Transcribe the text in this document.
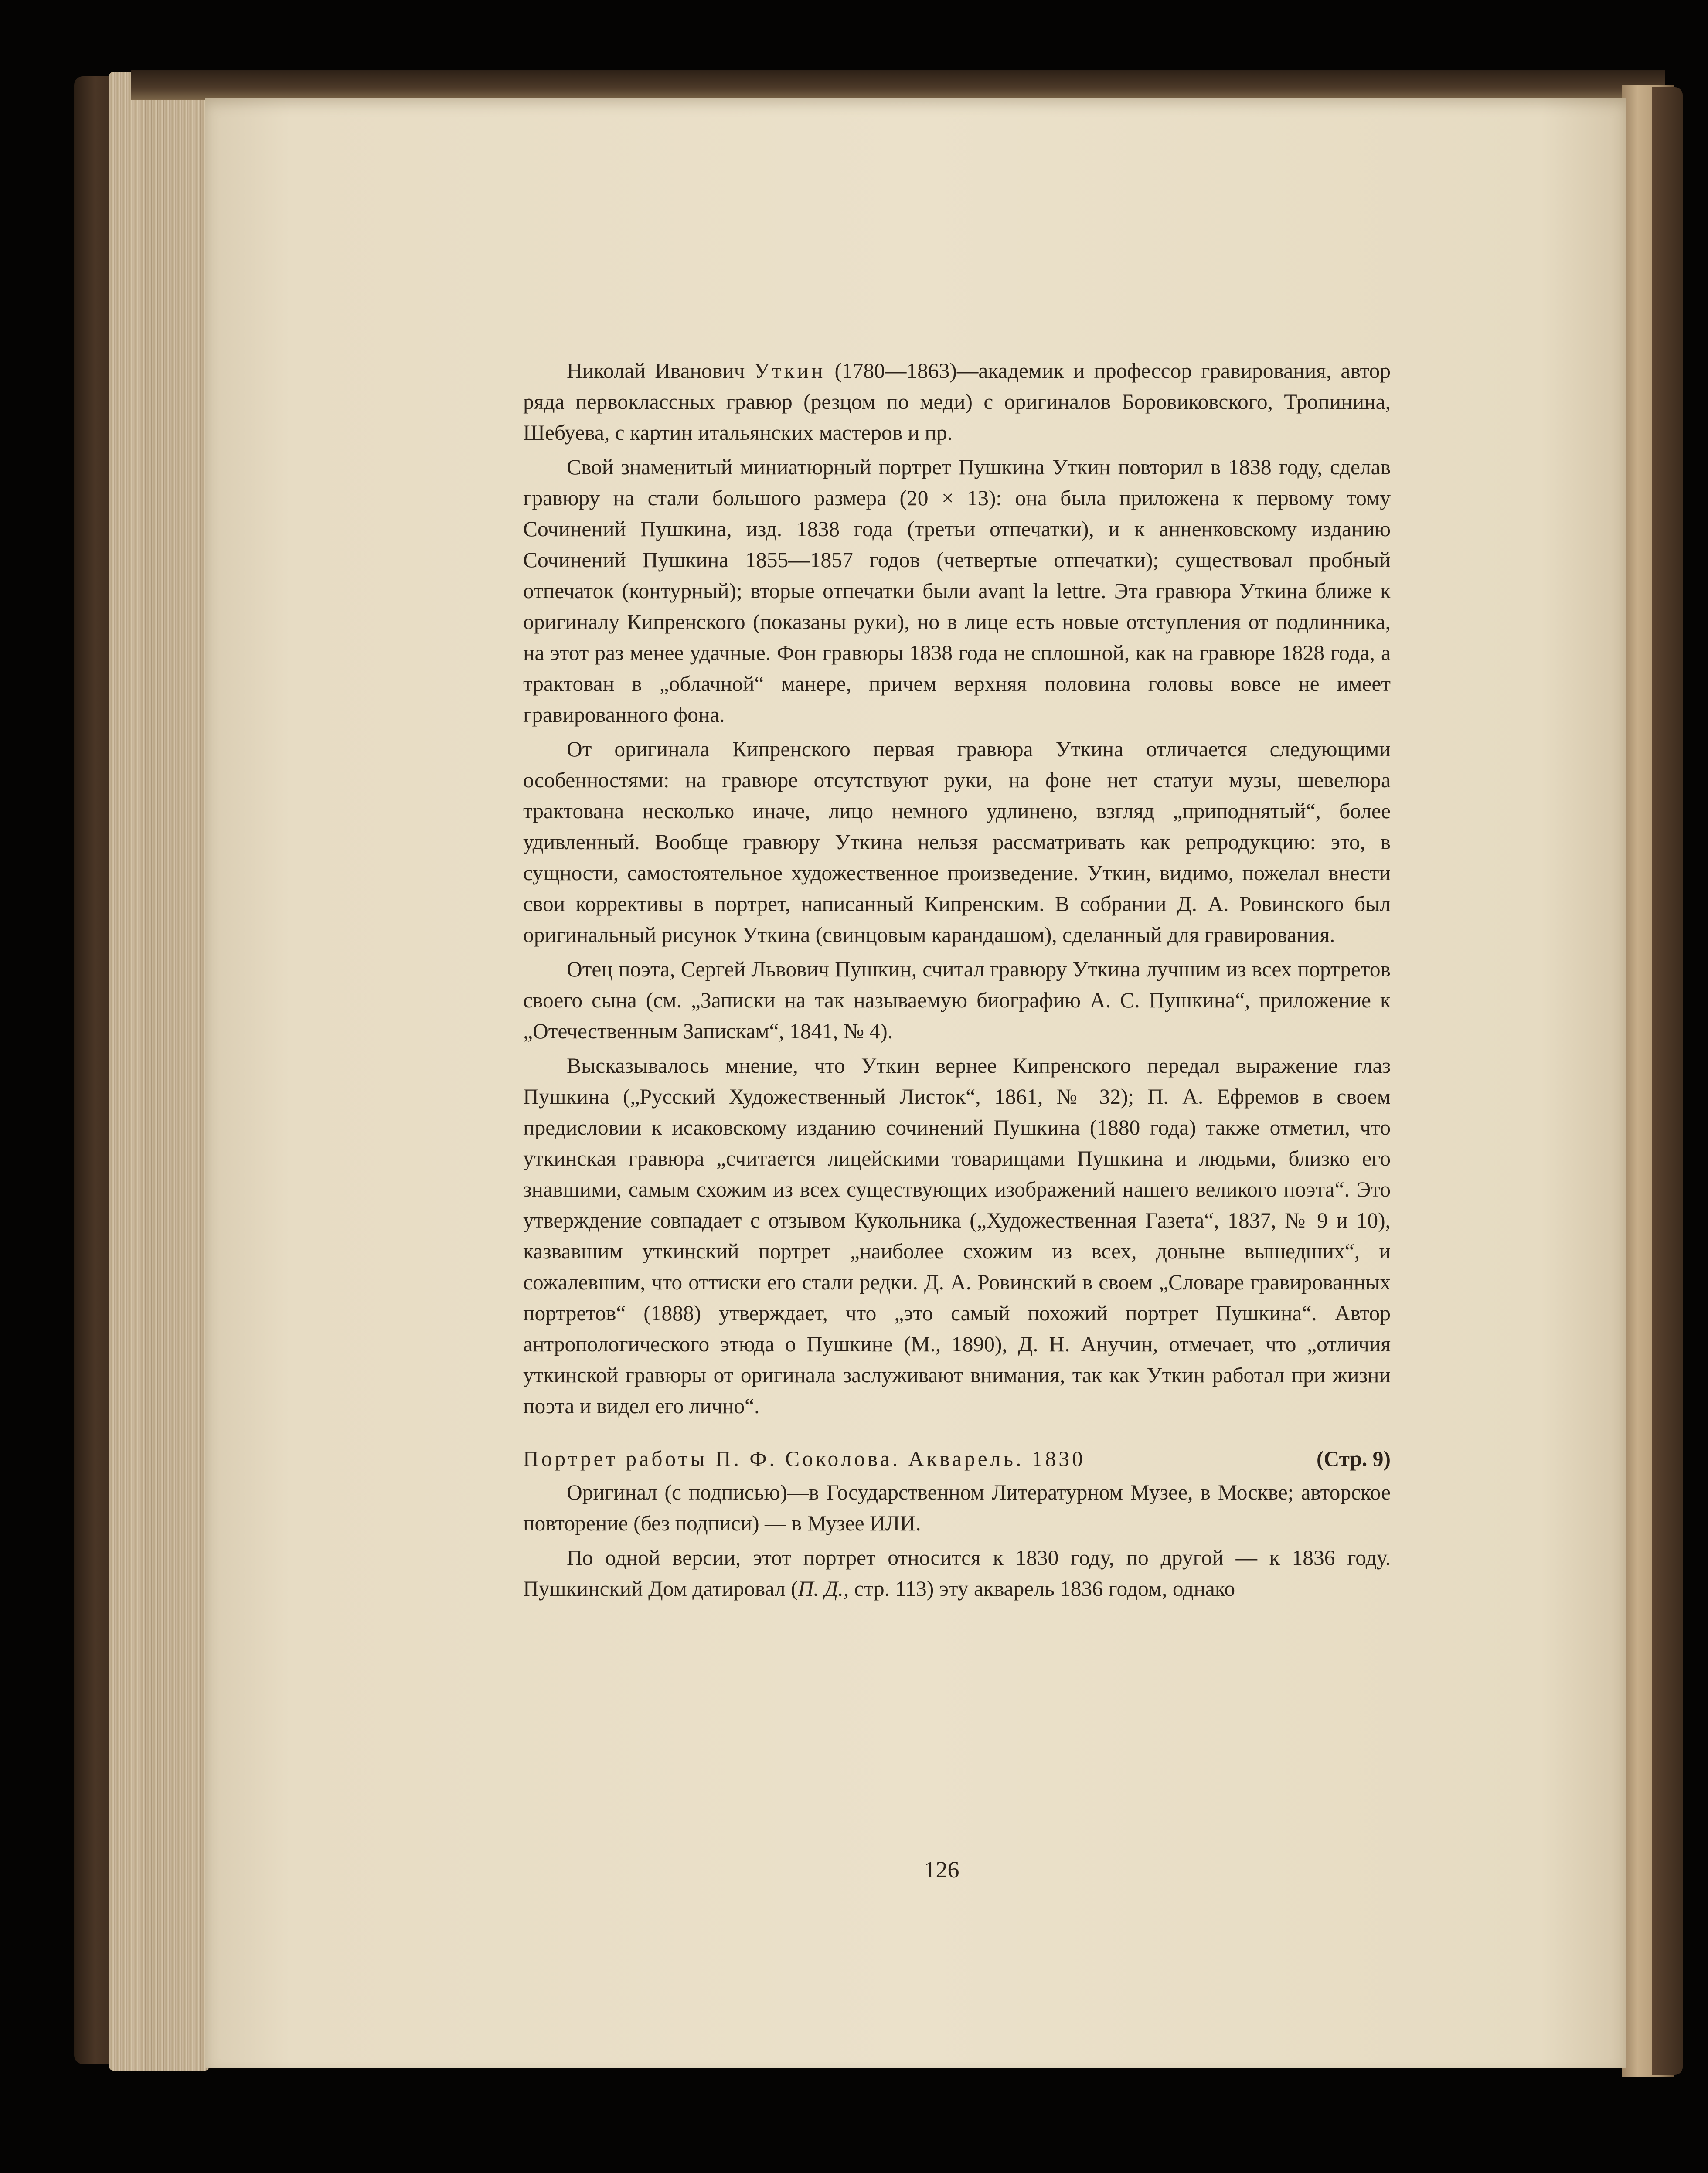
Николай Иванович Уткин (1780—1863)—академик и профессор гравирования, автор ряда первоклассных гравюр (резцом по меди) с оригиналов Боровиковского, Тропинина, Шебуева, с картин итальянских мастеров и пр.

Свой знаменитый миниатюрный портрет Пушкина Уткин повторил в 1838 году, сделав гравюру на стали большого размера (20 × 13): она была приложена к первому тому Сочинений Пушкина, изд. 1838 года (третьи отпечатки), и к анненковскому изданию Сочинений Пушкина 1855—1857 годов (четвертые отпечатки); существовал пробный отпечаток (контурный); вторые отпечатки были avant la lettre. Эта гравюра Уткина ближе к оригиналу Кипренского (показаны руки), но в лице есть новые отступления от подлинника, на этот раз менее удачные. Фон гравюры 1838 года не сплошной, как на гравюре 1828 года, а трактован в „облачной“ манере, причем верхняя половина головы вовсе не имеет гравированного фона.

От оригинала Кипренского первая гравюра Уткина отличается следующими особенностями: на гравюре отсутствуют руки, на фоне нет статуи музы, шевелюра трактована несколько иначе, лицо немного удлинено, взгляд „приподнятый“, более удивленный. Вообще гравюру Уткина нельзя рассматривать как репродукцию: это, в сущности, самостоятельное художественное произведение. Уткин, видимо, пожелал внести свои коррективы в портрет, написанный Кипренским. В собрании Д. А. Ровинского был оригинальный рисунок Уткина (свинцовым карандашом), сделанный для гравирования.

Отец поэта, Сергей Львович Пушкин, считал гравюру Уткина лучшим из всех портретов своего сына (см. „Записки на так называемую биографию А. С. Пушкина“, приложение к „Отечественным Запискам“, 1841, № 4).

Высказывалось мнение, что Уткин вернее Кипренского передал выражение глаз Пушкина („Русский Художественный Листок“, 1861, № 32); П. А. Ефремов в своем предисловии к исаковскому изданию сочинений Пушкина (1880 года) также отметил, что уткинская гравюра „считается лицейскими товарищами Пушкина и людьми, близко его знавшими, самым схожим из всех существующих изображений нашего великого поэта“. Это утверждение совпадает с отзывом Кукольника („Художественная Газета“, 1837, № 9 и 10), казвавшим уткинский портрет „наиболее схожим из всех, доныне вышедших“, и сожалевшим, что оттиски его стали редки. Д. А. Ровинский в своем „Словаре гравированных портретов“ (1888) утверждает, что „это самый похожий портрет Пушкина“. Автор антропологического этюда о Пушкине (М., 1890), Д. Н. Анучин, отмечает, что „отличия уткинской гравюры от оригинала заслуживают внимания, так как Уткин работал при жизни поэта и видел его лично“.

Портрет работы П. Ф. Соколова. Акварель. 1830	(Стр. 9)

Оригинал (с подписью)—в Государственном Литературном Музее, в Москве; авторское повторение (без подписи) — в Музее ИЛИ.

По одной версии, этот портрет относится к 1830 году, по другой — к 1836 году. Пушкинский Дом датировал (П. Д., стр. 113) эту акварель 1836 годом, однако

126
